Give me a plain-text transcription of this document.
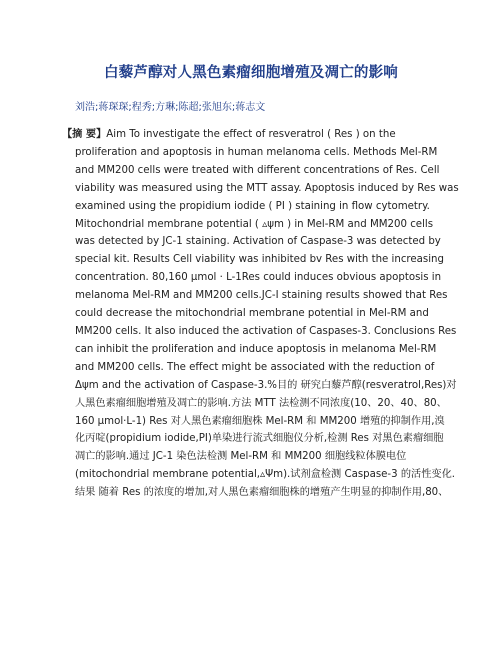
白藜芦醇对人黑色素瘤细胞增殖及凋亡的影响
刘浩;蒋琛琛;程秀;方琳;陈超;张旭东;蒋志文
【摘 要】Aim To investigate the effect of resveratrol ( Res ) on the
proliferation and apoptosis in human melanoma cells. Methods Mel-RM
and MM200 cells were treated with different concentrations of Res. Cell
viability was measured using the MTT assay. Apoptosis induced by Res was
examined using the propidium iodide ( PI ) staining in flow cytometry.
Mitochondrial membrane potential ( ▵ψm ) in Mel-RM and MM200 cells
was detected by JC-1 staining. Activation of Caspase-3 was detected by
special kit. Results Cell viability was inhibited bv Res with the increasing
concentration. 80,160 μmol · L-1Res could induces obvious apoptosis in
melanoma Mel-RM and MM200 cells.JC-I staining results showed that Res
could decrease the mitochondrial membrane potential in Mel-RM and
MM200 cells. It also induced the activation of Caspases-3. Conclusions Res
can inhibit the proliferation and induce apoptosis in melanoma Mel-RM
and MM200 cells. The effect might be associated with the reduction of
Δψm and the activation of Caspase-3.%目的 研究白藜芦醇(resveratrol,Res)对
人黑色素瘤细胞增殖及凋亡的影响.方法 MTT 法检测不同浓度(10、20、40、80、
160 μmol·L-1) Res 对人黑色素瘤细胞株 Mel-RM 和 MM200 增殖的抑制作用,溴
化丙啶(propidium iodide,PI)单染进行流式细胞仪分析,检测 Res 对黑色素瘤细胞
凋亡的影响.通过 JC-1 染色法检测 Mel-RM 和 MM200 细胞线粒体膜电位
(mitochondrial membrane potential,▵Ψm).试剂盒检测 Caspase-3 的活性变化.
结果 随着 Res 的浓度的增加,对人黑色素瘤细胞株的增殖产生明显的抑制作用,80、
